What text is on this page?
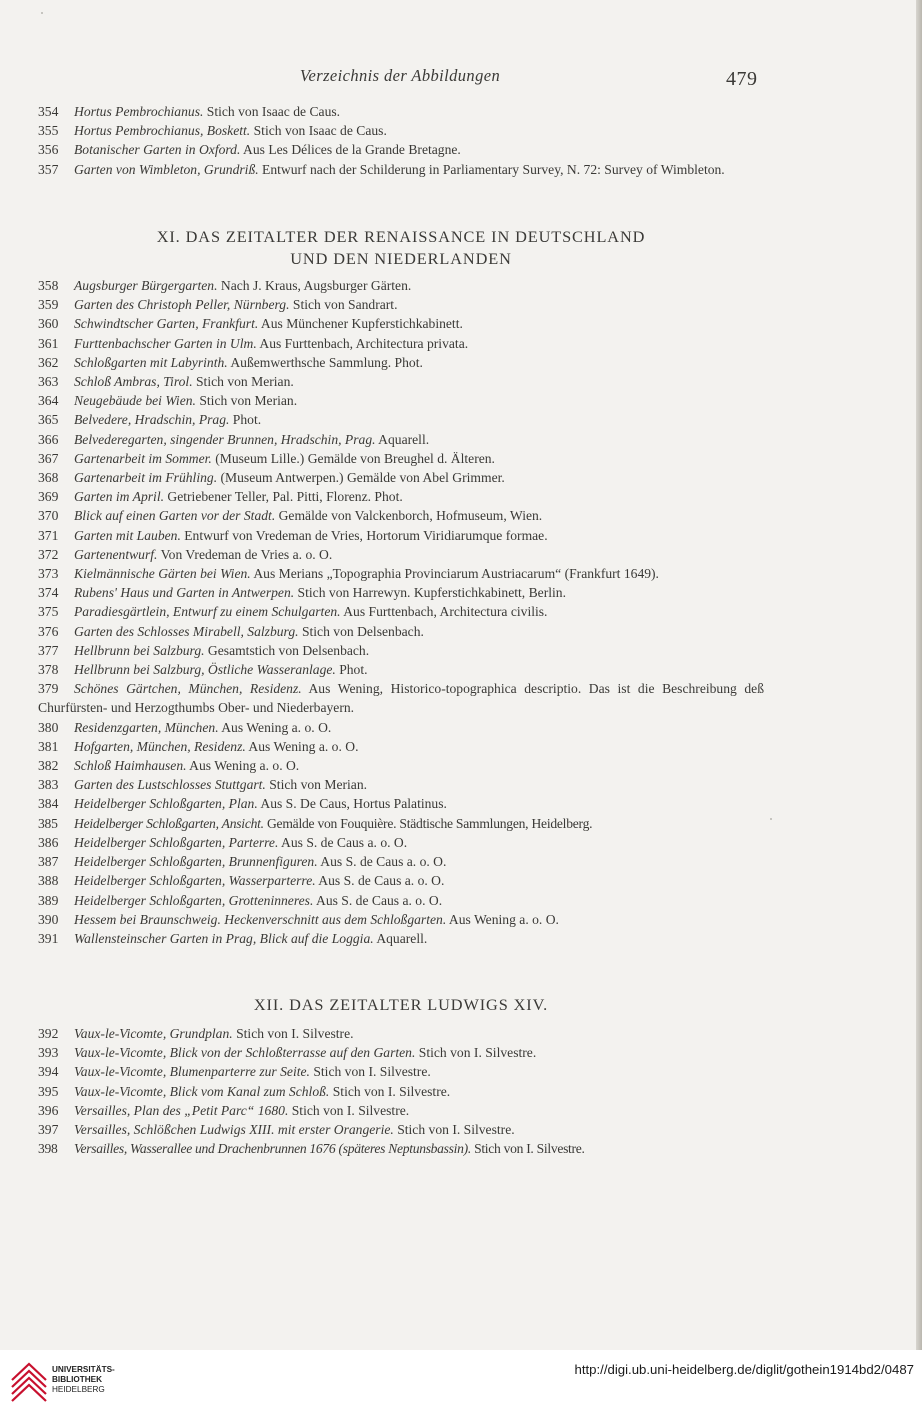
Verzeichnis der Abbildungen	479

354 Hortus Pembrochianus. Stich von Isaac de Caus.

355 Hortus Pembrochianus, Boskett. Stich von Isaac de Caus.

356 Botanischer Garten in Oxford. Aus Les Délices de la Grande Bretagne.

357 Garten von Wimbleton, Grundriß. Entwurf nach der Schilderung in Parliamentary Survey, N. 72: Survey of Wimbleton.

XI. DAS ZEITALTER DER RENAISSANCE IN DEUTSCHLAND
UND DEN NIEDERLANDEN

358 Augsburger Bürgergarten. Nach J. Kraus, Augsburger Gärten.

359 Garten des Christoph Peller, Nürnberg. Stich von Sandrart.

360 Schwindtscher Garten, Frankfurt. Aus Münchener Kupferstichkabinett.

361 Furttenbachscher Garten in Ulm. Aus Furttenbach, Architectura privata.

362 Schloßgarten mit Labyrinth. Außemwerthsche Sammlung. Phot.

363 Schloß Ambras, Tirol. Stich von Merian.

364 Neugebäude bei Wien. Stich von Merian.

365 Belvedere, Hradschin, Prag. Phot.

366 Belvederegarten, singender Brunnen, Hradschin, Prag. Aquarell.

367 Gartenarbeit im Sommer. (Museum Lille.) Gemälde von Breughel d. Älteren.

368 Gartenarbeit im Frühling. (Museum Antwerpen.) Gemälde von Abel Grimmer.

369 Garten im April. Getriebener Teller, Pal. Pitti, Florenz. Phot.

370 Blick auf einen Garten vor der Stadt. Gemälde von Valckenborch, Hofmuseum, Wien.

371 Garten mit Lauben. Entwurf von Vredeman de Vries, Hortorum Viridiarumque formae.

372 Gartenentwurf. Von Vredeman de Vries a. o. O.

373 Kielmännische Gärten bei Wien. Aus Merians „Topographia Provinciarum Austriacarum“ (Frankfurt 1649).

374 Rubens' Haus und Garten in Antwerpen. Stich von Harrewyn. Kupferstichkabinett, Berlin.

375 Paradiesgärtlein, Entwurf zu einem Schulgarten. Aus Furttenbach, Architectura civilis.

376 Garten des Schlosses Mirabell, Salzburg. Stich von Delsenbach.

377 Hellbrunn bei Salzburg. Gesamtstich von Delsenbach.

378 Hellbrunn bei Salzburg, Östliche Wasseranlage. Phot.

379 Schönes Gärtchen, München, Residenz. Aus Wening, Historico-topographica descriptio. Das ist die Beschreibung deß Churfürsten- und Herzogthumbs Ober- und Niederbayern.

380 Residenzgarten, München. Aus Wening a. o. O.

381 Hofgarten, München, Residenz. Aus Wening a. o. O.

382 Schloß Haimhausen. Aus Wening a. o. O.

383 Garten des Lustschlosses Stuttgart. Stich von Merian.

384 Heidelberger Schloßgarten, Plan. Aus S. De Caus, Hortus Palatinus.

385 Heidelberger Schloßgarten, Ansicht. Gemälde von Fouquière. Städtische Sammlungen, Heidelberg.

386 Heidelberger Schloßgarten, Parterre. Aus S. de Caus a. o. O.

387 Heidelberger Schloßgarten, Brunnenfiguren. Aus S. de Caus a. o. O.

388 Heidelberger Schloßgarten, Wasserparterre. Aus S. de Caus a. o. O.

389 Heidelberger Schloßgarten, Grotteninneres. Aus S. de Caus a. o. O.

390 Hessem bei Braunschweig. Heckenverschnitt aus dem Schloßgarten. Aus Wening a. o. O.

391 Wallensteinscher Garten in Prag, Blick auf die Loggia. Aquarell.

XII. DAS ZEITALTER LUDWIGS XIV.

392 Vaux-le-Vicomte, Grundplan. Stich von I. Silvestre.

393 Vaux-le-Vicomte, Blick von der Schloßterrasse auf den Garten. Stich von I. Silvestre.

394 Vaux-le-Vicomte, Blumenparterre zur Seite. Stich von I. Silvestre.

395 Vaux-le-Vicomte, Blick vom Kanal zum Schloß. Stich von I. Silvestre.

396 Versailles, Plan des „Petit Parc“ 1680. Stich von I. Silvestre.

397 Versailles, Schlößchen Ludwigs XIII. mit erster Orangerie. Stich von I. Silvestre.

398 Versailles, Wasserallee und Drachenbrunnen 1676 (späteres Neptunsbassin). Stich von I. Silvestre.

UNIVERSITÄTS-
BIBLIOTHEK
HEIDELBERG
http://digi.ub.uni-heidelberg.de/diglit/gothein1914bd2/0487
